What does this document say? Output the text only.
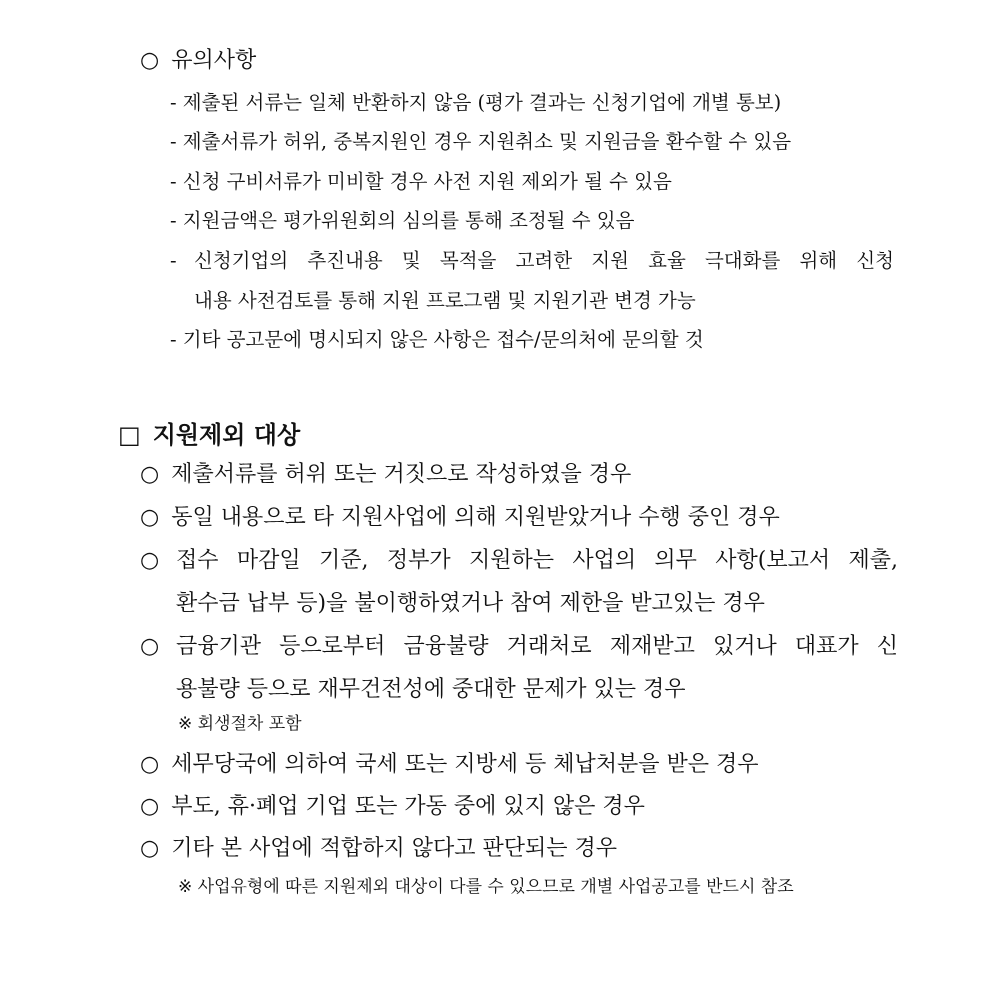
○ 유의사항
- 제출된 서류는 일체 반환하지 않음 (평가 결과는 신청기업에 개별 통보)
- 제출서류가 허위, 중복지원인 경우 지원취소 및 지원금을 환수할 수 있음
- 신청 구비서류가 미비할 경우 사전 지원 제외가 될 수 있음
- 지원금액은 평가위원회의 심의를 통해 조정될 수 있음
- 신청기업의 추진내용 및 목적을 고려한 지원 효율 극대화를 위해 신청
내용 사전검토를 통해 지원 프로그램 및 지원기관 변경 가능
- 기타 공고문에 명시되지 않은 사항은 접수/문의처에 문의할 것
□ 지원제외 대상
○ 제출서류를 허위 또는 거짓으로 작성하였을 경우
○ 동일 내용으로 타 지원사업에 의해 지원받았거나 수행 중인 경우
○ 접수 마감일 기준, 정부가 지원하는 사업의 의무 사항(보고서 제출,
환수금 납부 등)을 불이행하였거나 참여 제한을 받고있는 경우
○ 금융기관 등으로부터 금융불량 거래처로 제재받고 있거나 대표가 신
용불량 등으로 재무건전성에 중대한 문제가 있는 경우
※ 회생절차 포함
○ 세무당국에 의하여 국세 또는 지방세 등 체납처분을 받은 경우
○ 부도, 휴·폐업 기업 또는 가동 중에 있지 않은 경우
○ 기타 본 사업에 적합하지 않다고 판단되는 경우
※ 사업유형에 따른 지원제외 대상이 다를 수 있으므로 개별 사업공고를 반드시 참조
